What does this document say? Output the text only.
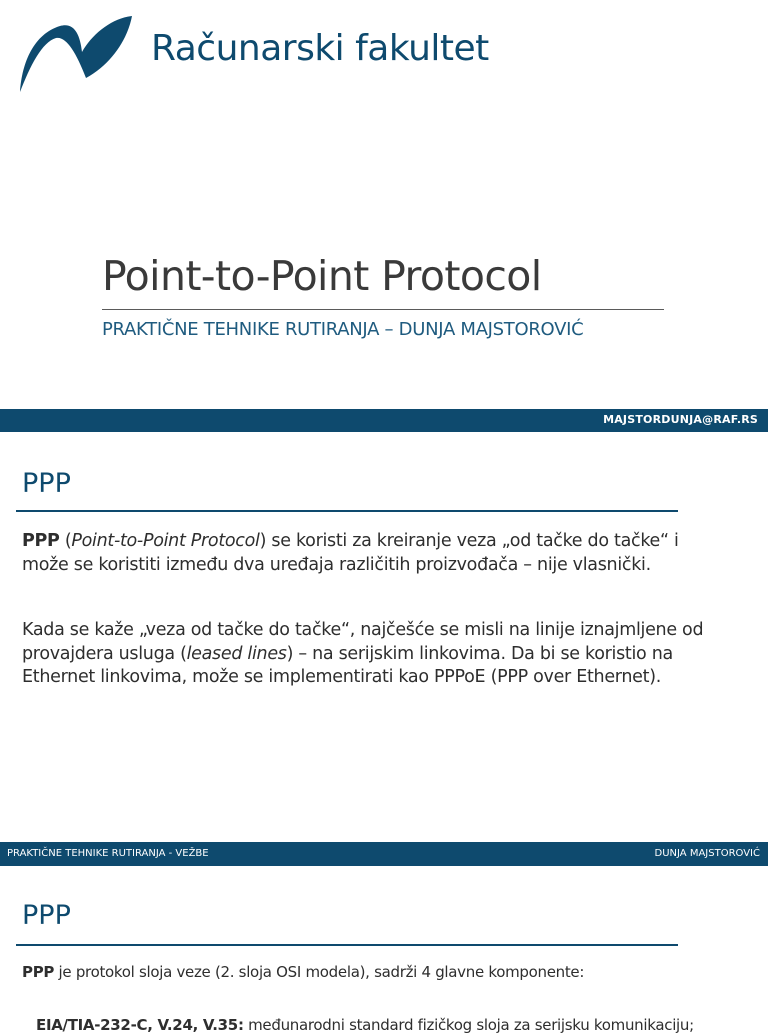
Računarski fakultet
Point-to-Point Protocol
PRAKTIČNE TEHNIKE RUTIRANJA – DUNJA MAJSTOROVIĆ
MAJSTORDUNJA@RAF.RS
PPP
PPP (Point-to-Point Protocol) se koristi za kreiranje veza „od tačke do tačke“ i
može se koristiti između dva uređaja različitih proizvođača – nije vlasnički.
Kada se kaže „veza od tačke do tačke“, najčešće se misli na linije iznajmljene od
provajdera usluga (leased lines) – na serijskim linkovima. Da bi se koristio na
Ethernet linkovima, može se implementirati kao PPPoE (PPP over Ethernet).
PRAKTIČNE TEHNIKE RUTIRANJA - VEŽBE	DUNJA MAJSTOROVIĆ
PPP
PPP je protokol sloja veze (2. sloja OSI modela), sadrži 4 glavne komponente:
EIA/TIA-232-C, V.24, V.35: međunarodni standard fizičkog sloja za serijsku komunikaciju;
